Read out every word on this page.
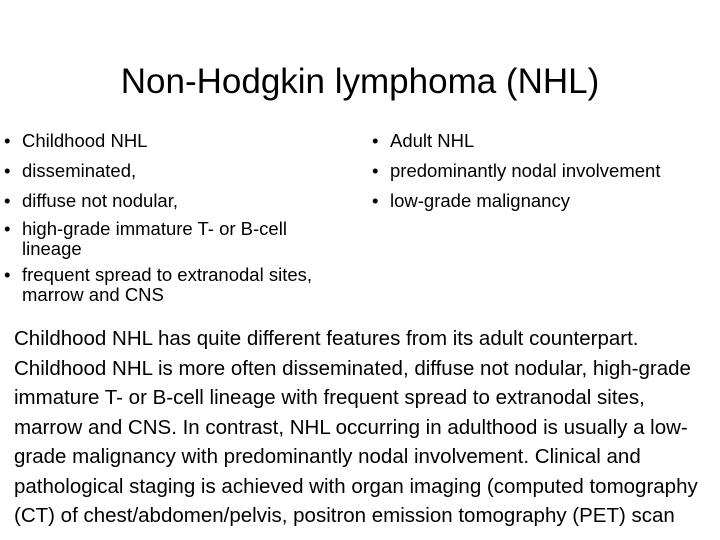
Non-Hodgkin lymphoma (NHL)
• Childhood NHL
• disseminated,
• diffuse not nodular,
• high-grade immature T- or B-cell lineage
• frequent spread to extranodal sites, marrow and CNS
• Adult NHL
• predominantly nodal involvement
• low-grade malignancy
Childhood NHL has quite different features from its adult counterpart. Childhood NHL is more often disseminated, diffuse not nodular, high-grade immature T- or B-cell lineage with frequent spread to extranodal sites, marrow and CNS. In contrast, NHL occurring in adulthood is usually a low-grade malignancy with predominantly nodal involvement. Clinical and pathological staging is achieved with organ imaging (computed tomography (CT) of chest/abdomen/pelvis, positron emission tomography (PET) scan
